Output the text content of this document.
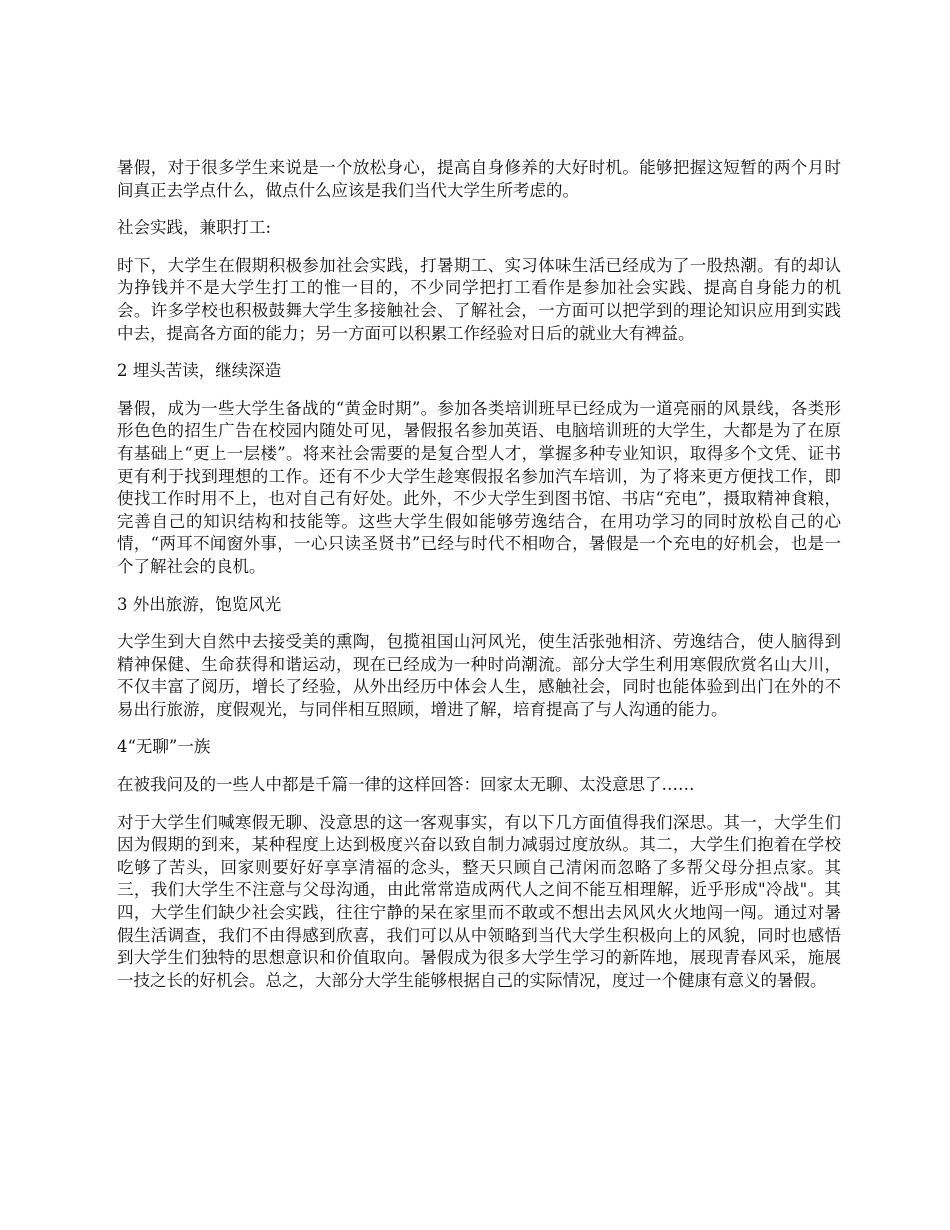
暑假，对于很多学生来说是一个放松身心，提高自身修养的大好时机。能够把握这短暂的两个月时间真正去学点什么，做点什么应该是我们当代大学生所考虑的。

社会实践，兼职打工:

时下，大学生在假期积极参加社会实践，打暑期工、实习体味生活已经成为了一股热潮。有的却认为挣钱并不是大学生打工的惟一目的，不少同学把打工看作是参加社会实践、提高自身能力的机会。许多学校也积极鼓舞大学生多接触社会、了解社会，一方面可以把学到的理论知识应用到实践中去，提高各方面的能力；另一方面可以积累工作经验对日后的就业大有裨益。

2 埋头苦读，继续深造

暑假，成为一些大学生备战的“黄金时期”。参加各类培训班早已经成为一道亮丽的风景线，各类形形色色的招生广告在校园内随处可见，暑假报名参加英语、电脑培训班的大学生，大都是为了在原有基础上“更上一层楼”。将来社会需要的是复合型人才，掌握多种专业知识，取得多个文凭、证书更有利于找到理想的工作。还有不少大学生趁寒假报名参加汽车培训，为了将来更方便找工作，即使找工作时用不上，也对自己有好处。此外，不少大学生到图书馆、书店“充电”，摄取精神食粮，完善自己的知识结构和技能等。这些大学生假如能够劳逸结合，在用功学习的同时放松自己的心情，“两耳不闻窗外事，一心只读圣贤书”已经与时代不相吻合，暑假是一个充电的好机会，也是一个了解社会的良机。

3 外出旅游，饱览风光

大学生到大自然中去接受美的熏陶，包揽祖国山河风光，使生活张弛相济、劳逸结合，使人脑得到精神保健、生命获得和谐运动，现在已经成为一种时尚潮流。部分大学生利用寒假欣赏名山大川，不仅丰富了阅历，增长了经验，从外出经历中体会人生，感触社会，同时也能体验到出门在外的不易出行旅游，度假观光，与同伴相互照顾，增进了解，培育提高了与人沟通的能力。

4“无聊”一族

在被我问及的一些人中都是千篇一律的这样回答：回家太无聊、太没意思了……

对于大学生们喊寒假无聊、没意思的这一客观事实，有以下几方面值得我们深思。其一，大学生们因为假期的到来，某种程度上达到极度兴奋以致自制力减弱过度放纵。其二，大学生们抱着在学校吃够了苦头，回家则要好好享享清福的念头，整天只顾自己清闲而忽略了多帮父母分担点家。其三，我们大学生不注意与父母沟通，由此常常造成两代人之间不能互相理解，近乎形成"冷战"。其四，大学生们缺少社会实践，往往宁静的呆在家里而不敢或不想出去风风火火地闯一闯。通过对暑假生活调查，我们不由得感到欣喜，我们可以从中领略到当代大学生积极向上的风貌，同时也感悟到大学生们独特的思想意识和价值取向。暑假成为很多大学生学习的新阵地，展现青春风采，施展一技之长的好机会。总之，大部分大学生能够根据自己的实际情况，度过一个健康有意义的暑假。
